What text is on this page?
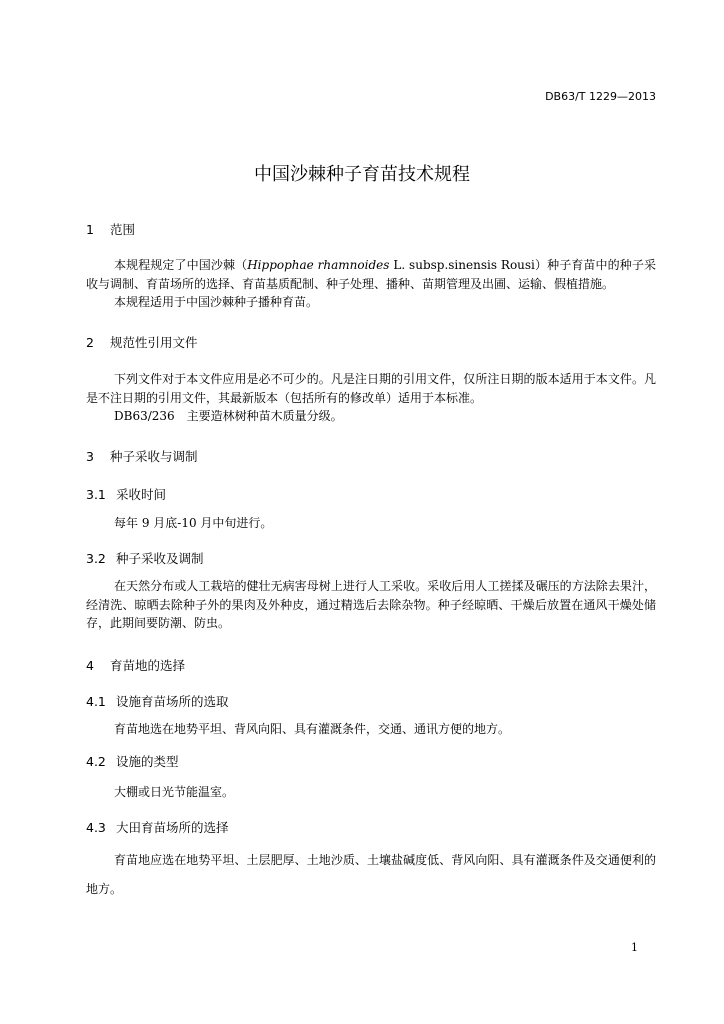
DB63/T 1229—2013
中国沙棘种子育苗技术规程
1 范围

本规程规定了中国沙棘（Hippophae rhamnoides L. subsp.sinensis Rousi）种子育苗中的种子采收与调制、育苗场所的选择、育苗基质配制、种子处理、播种、苗期管理及出圃、运输、假植措施。

本规程适用于中国沙棘种子播种育苗。

2 规范性引用文件

下列文件对于本文件应用是必不可少的。凡是注日期的引用文件，仅所注日期的版本适用于本文件。凡是不注日期的引用文件，其最新版本（包括所有的修改单）适用于本标准。

DB63/236　主要造林树种苗木质量分级。

3 种子采收与调制
3.1 采收时间

每年 9 月底-10 月中旬进行。

3.2 种子采收及调制

在天然分布或人工栽培的健壮无病害母树上进行人工采收。采收后用人工搓揉及碾压的方法除去果汁，经清洗、晾晒去除种子外的果肉及外种皮，通过精选后去除杂物。种子经晾晒、干燥后放置在通风干燥处储存，此期间要防潮、防虫。

4 育苗地的选择
4.1 设施育苗场所的选取

育苗地选在地势平坦、背风向阳、具有灌溉条件，交通、通讯方便的地方。

4.2 设施的类型

大棚或日光节能温室。

4.3 大田育苗场所的选择

育苗地应选在地势平坦、土层肥厚、土地沙质、土壤盐碱度低、背风向阳、具有灌溉条件及交通便利的地方。

1
